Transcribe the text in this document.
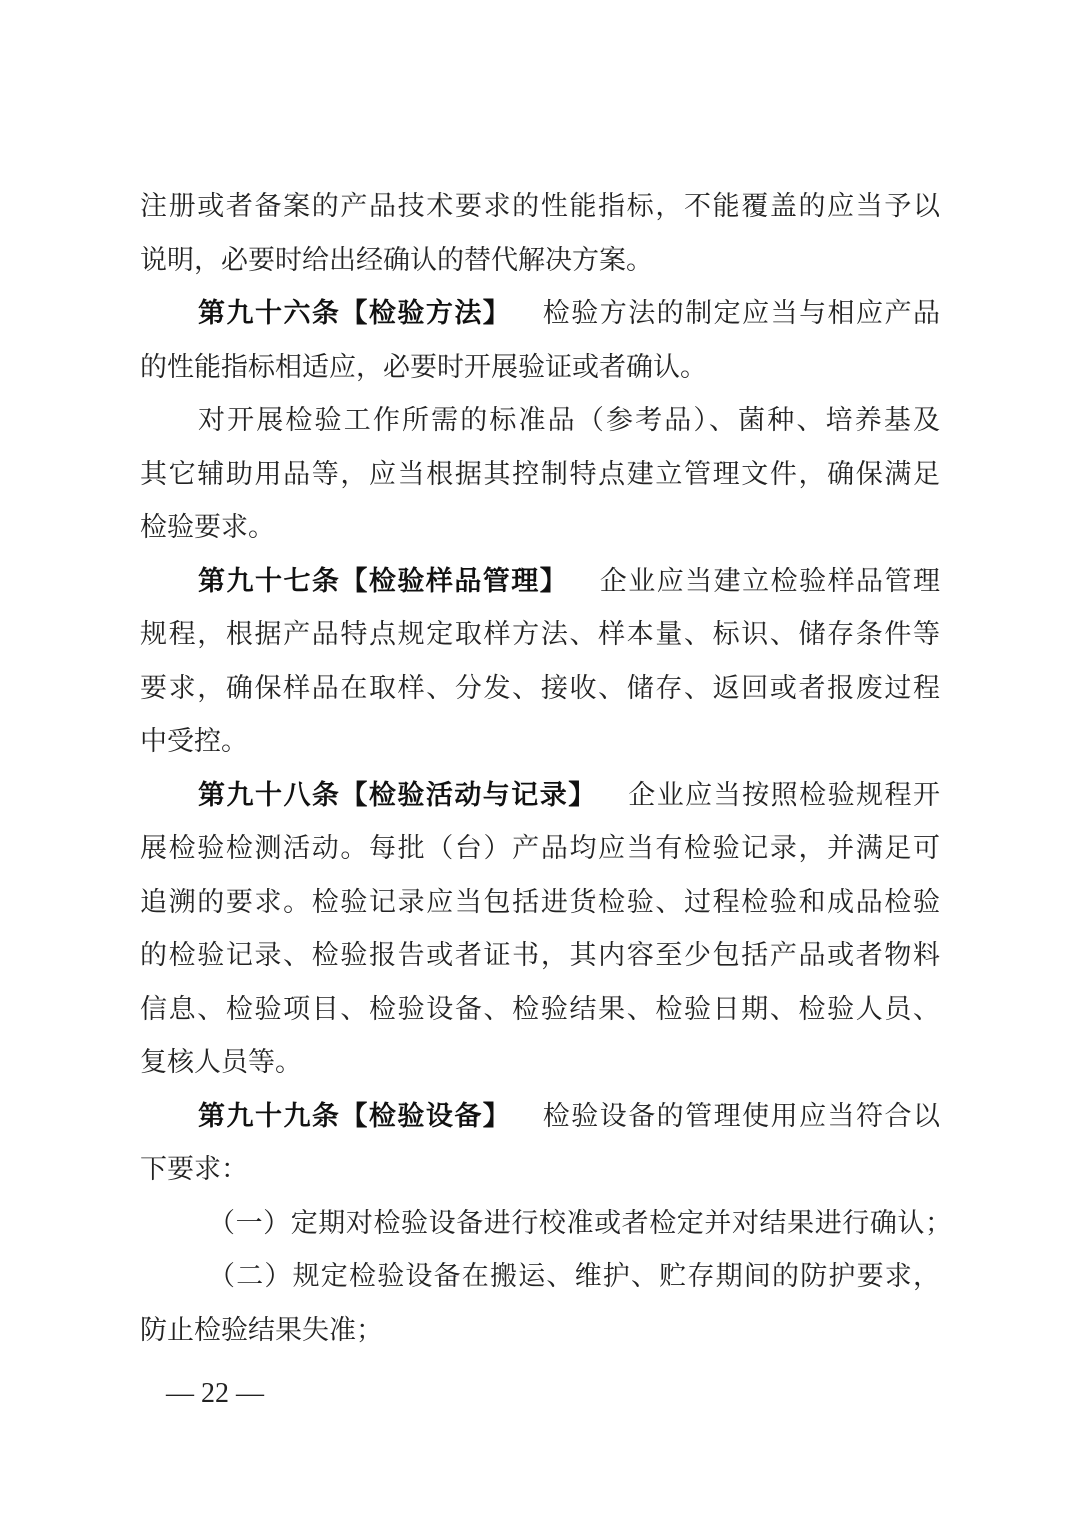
注册或者备案的产品技术要求的性能指标，不能覆盖的应当予以
说明，必要时给出经确认的替代解决方案。
第九十六条【检验方法】 检验方法的制定应当与相应产品
的性能指标相适应，必要时开展验证或者确认。
对开展检验工作所需的标准品（参考品）、菌种、培养基及
其它辅助用品等，应当根据其控制特点建立管理文件，确保满足
检验要求。
第九十七条【检验样品管理】 企业应当建立检验样品管理
规程，根据产品特点规定取样方法、样本量、标识、储存条件等
要求，确保样品在取样、分发、接收、储存、返回或者报废过程
中受控。
第九十八条【检验活动与记录】 企业应当按照检验规程开
展检验检测活动。每批（台）产品均应当有检验记录，并满足可
追溯的要求。检验记录应当包括进货检验、过程检验和成品检验
的检验记录、检验报告或者证书，其内容至少包括产品或者物料
信息、检验项目、检验设备、检验结果、检验日期、检验人员、
复核人员等。
第九十九条【检验设备】 检验设备的管理使用应当符合以
下要求：
（一）定期对检验设备进行校准或者检定并对结果进行确认；
（二）规定检验设备在搬运、维护、贮存期间的防护要求，
防止检验结果失准；
— 22 —
